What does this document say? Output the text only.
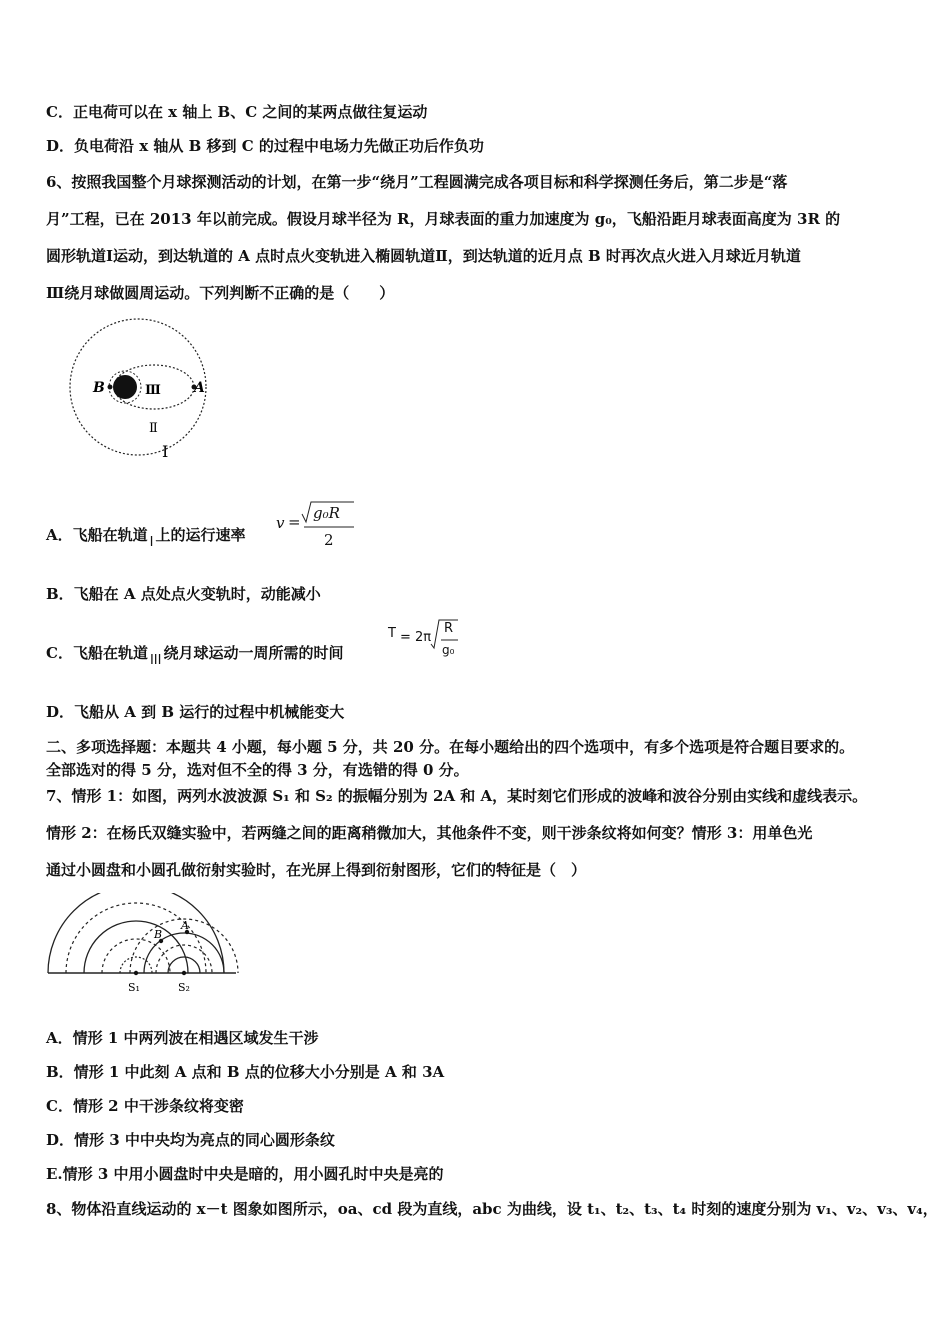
C．正电荷可以在 x 轴上 B、C 之间的某两点做往复运动
D．负电荷沿 x 轴从 B 移到 C 的过程中电场力先做正功后作负功
6、按照我国整个月球探测活动的计划，在第一步“绕月”工程圆满完成各项目标和科学探测任务后，第二步是“落
月”工程，已在 2013 年以前完成。假设月球半径为 R，月球表面的重力加速度为 g₀，飞船沿距月球表面高度为 3R 的
圆形轨道Ⅰ运动，到达轨道的 A 点时点火变轨进入椭圆轨道Ⅱ，到达轨道的近月点 B 时再次点火进入月球近月轨道
Ⅲ绕月球做圆周运动。下列判断不正确的是（　　）
B	A
Ⅲ
Ⅱ
I
A．飞船在轨道 I 上的运行速率
v = g₀R
2
B．飞船在 A 点处点火变轨时，动能减小
C．飞船在轨道 III 绕月球运动一周所需的时间
T = 2π
R
g₀
D．飞船从 A 到 B 运行的过程中机械能变大
二、多项选择题：本题共 4 小题，每小题 5 分，共 20 分。在每小题给出的四个选项中，有多个选项是符合题目要求的。
全部选对的得 5 分，选对但不全的得 3 分，有选错的得 0 分。
7、情形 1：如图，两列水波波源 S₁ 和 S₂ 的振幅分别为 2A 和 A，某时刻它们形成的波峰和波谷分别由实线和虚线表示。
情形 2：在杨氏双缝实验中，若两缝之间的距离稍微加大，其他条件不变，则干涉条纹将如何变？情形 3：用单色光
通过小圆盘和小圆孔做衍射实验时，在光屏上得到衍射图形，它们的特征是（　）
B
A
S₁	S₂
A．情形 1 中两列波在相遇区域发生干涉
B．情形 1 中此刻 A 点和 B 点的位移大小分别是 A 和 3A
C．情形 2 中干涉条纹将变密
D．情形 3 中中央均为亮点的同心圆形条纹
E.情形 3 中用小圆盘时中央是暗的，用小圆孔时中央是亮的
8、物体沿直线运动的 x－t 图象如图所示，oa、cd 段为直线，abc 为曲线，设 t₁、t₂、t₃、t₄ 时刻的速度分别为 v₁、v₂、v₃、v₄，
